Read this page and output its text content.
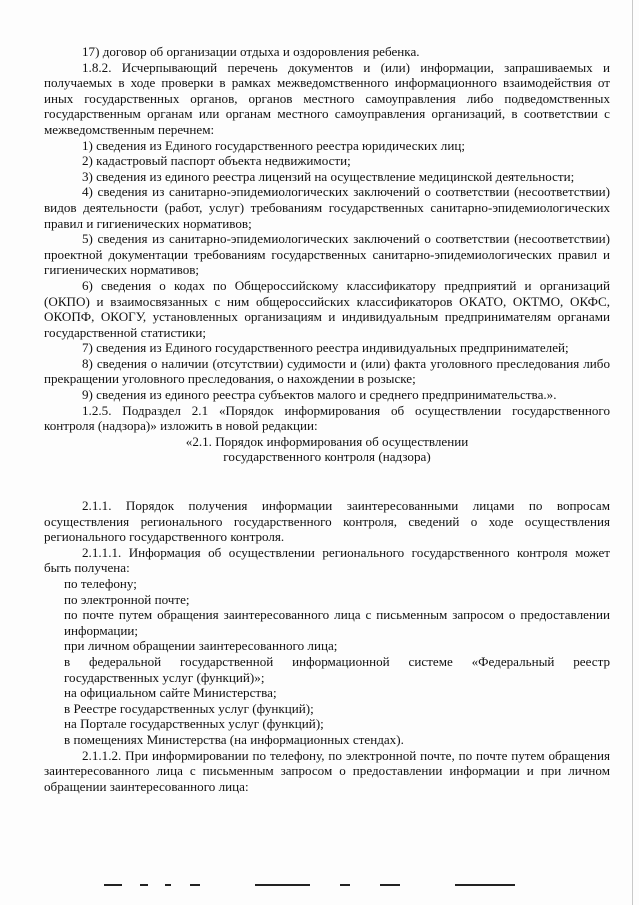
17) договор об организации отдыха и оздоровления ребенка.

1.8.2. Исчерпывающий перечень документов и (или) информации, запрашиваемых и получаемых в ходе проверки в рамках межведомственного информационного взаимодействия от иных государственных органов, органов местного самоуправления либо подведомственных государственным органам или органам местного самоуправления организаций, в соответствии с межведомственным перечнем:

1) сведения из Единого государственного реестра юридических лиц;

2) кадастровый паспорт объекта недвижимости;

3) сведения из единого реестра лицензий на осуществление медицинской деятельности;

4) сведения из санитарно-эпидемиологических заключений о соответствии (несоответствии) видов деятельности (работ, услуг) требованиям государственных санитарно-эпидемиологических правил и гигиенических нормативов;

5) сведения из санитарно-эпидемиологических заключений о соответствии (несоответствии) проектной документации требованиям государственных санитарно-эпидемиологических правил и гигиенических нормативов;

6) сведения о кодах по Общероссийскому классификатору предприятий и организаций (ОКПО) и взаимосвязанных с ним общероссийских классификаторов ОКАТО, ОКТМО, ОКФС, ОКОПФ, ОКОГУ, установленных организациям и индивидуальным предпринимателям органами государственной статистики;

7) сведения из Единого государственного реестра индивидуальных предпринимателей;

8) сведения о наличии (отсутствии) судимости и (или) факта уголовного преследования либо прекращении уголовного преследования, о нахождении в розыске;

9) сведения из единого реестра субъектов малого и среднего предпринимательства.».

1.2.5. Подраздел 2.1 «Порядок информирования об осуществлении государственного контроля (надзора)» изложить в новой редакции:

«2.1. Порядок информирования об осуществлении

государственного контроля (надзора)

2.1.1. Порядок получения информации заинтересованными лицами по вопросам осуществления регионального государственного контроля, сведений о ходе осуществления регионального государственного контроля.

2.1.1.1. Информация об осуществлении регионального государственного контроля может быть получена:

по телефону;

по электронной почте;

по почте путем обращения заинтересованного лица с письменным запросом о предоставлении информации;

при личном обращении заинтересованного лица;

в федеральной государственной информационной системе «Федеральный реестр государственных услуг (функций)»;

на официальном сайте Министерства;

в Реестре государственных услуг (функций);

на Портале государственных услуг (функций);

в помещениях Министерства (на информационных стендах).

2.1.1.2. При информировании по телефону, по электронной почте, по почте путем обращения заинтересованного лица с письменным запросом о предоставлении информации и при личном обращении заинтересованного лица:
